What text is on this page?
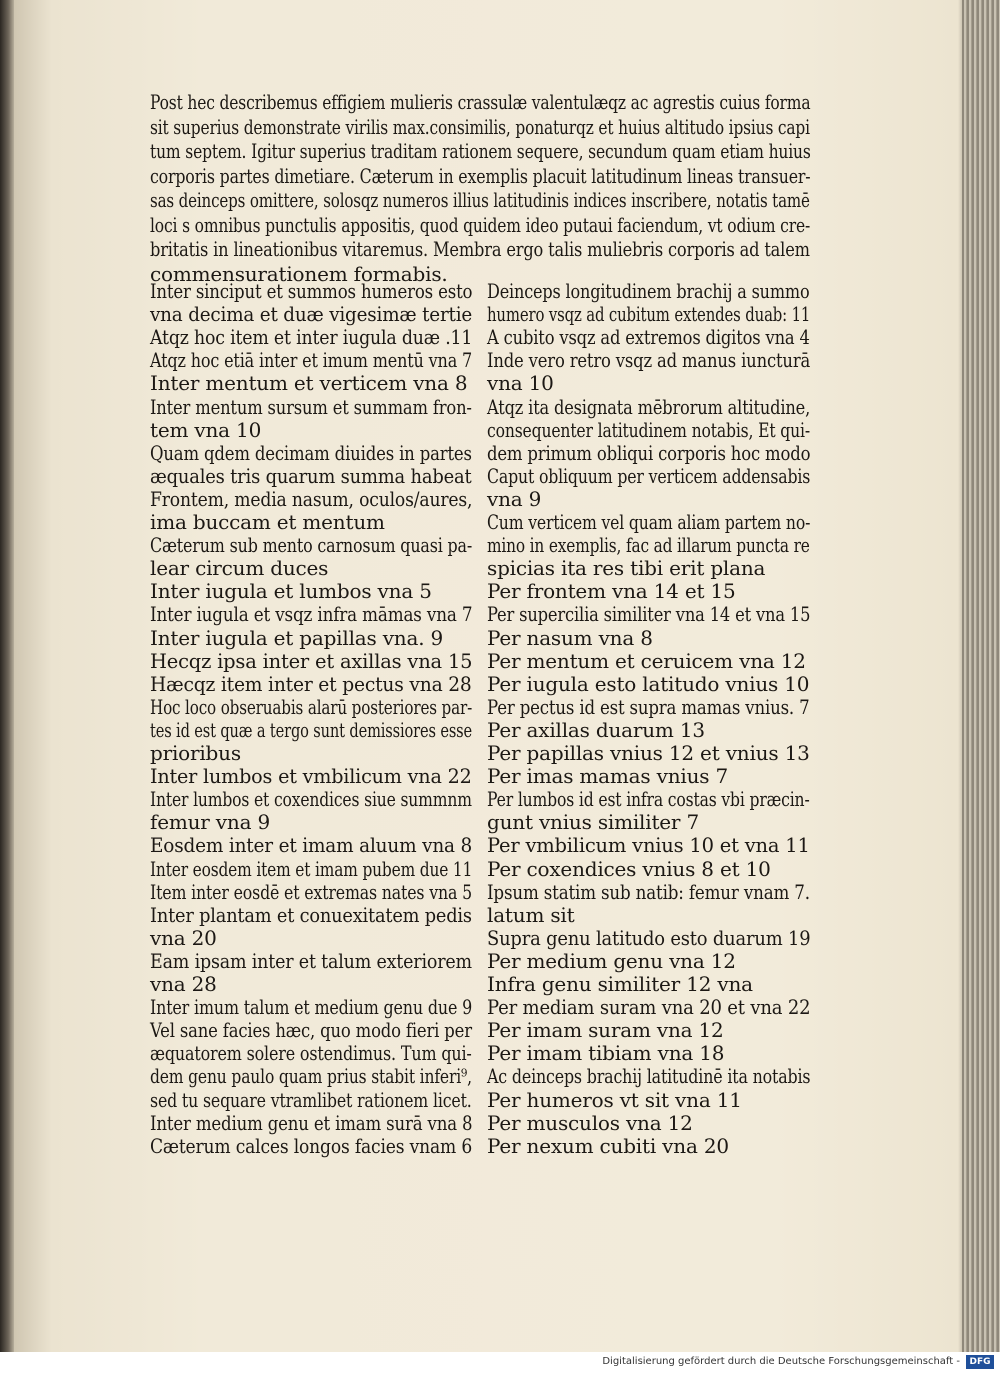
Post hec describemus effigiem mulieris crassulæ valentulæqz ac agrestis cuius forma
sit superius demonstrate virilis max.consimilis, ponaturqz et huius altitudo ipsius capi
tum septem. Igitur superius traditam rationem sequere, secundum quam etiam huius
corporis partes dimetiare. Cæterum in exemplis placuit latitudinum lineas transuer-
sas deinceps omittere, solosqz numeros illius latitudinis indices inscribere, notatis tamē
loci s omnibus punctulis appositis, quod quidem ideo putaui faciendum, vt odium cre-
britatis in lineationibus vitaremus. Membra ergo talis muliebris corporis ad talem
commensurationem formabis.
Inter sinciput et summos humeros esto
vna decima et duæ vigesimæ tertie
Atqz hoc item et inter iugula duæ .11
Atqz hoc etiā inter et imum mentū vna 7
Inter mentum et verticem vna 8
Inter mentum sursum et summam fron-
tem vna 10
Quam qdem decimam diuides in partes
æquales tris quarum summa habeat
Frontem, media nasum, oculos/aures,
ima buccam et mentum
Cæterum sub mento carnosum quasi pa-
lear circum duces
Inter iugula et lumbos vna 5
Inter iugula et vsqz infra māmas vna 7
Inter iugula et papillas vna. 9
Hecqz ipsa inter et axillas vna 15
Hæcqz item inter et pectus vna 28
Hoc loco obseruabis alarū posteriores par-
tes id est quæ a tergo sunt demissiores esse
prioribus
Inter lumbos et vmbilicum vna 22
Inter lumbos et coxendices siue summnm
femur vna 9
Eosdem inter et imam aluum vna 8
Inter eosdem item et imam pubem due 11
Item inter eosdē et extremas nates vna 5
Inter plantam et conuexitatem pedis
vna 20
Eam ipsam inter et talum exteriorem
vna 28
Inter imum talum et medium genu due 9
Vel sane facies hæc, quo modo fieri per
æquatorem solere ostendimus. Tum qui-
dem genu paulo quam prius stabit inferi⁹,
sed tu sequare vtramlibet rationem licet.
Inter medium genu et imam surā vna 8
Cæterum calces longos facies vnam 6
Deinceps longitudinem brachij a summo
humero vsqz ad cubitum extendes duab: 11
A cubito vsqz ad extremos digitos vna 4
Inde vero retro vsqz ad manus iuncturā
vna 10
Atqz ita designata mēbrorum altitudine,
consequenter latitudinem notabis, Et qui-
dem primum obliqui corporis hoc modo
Caput obliquum per verticem addensabis
vna 9
Cum verticem vel quam aliam partem no-
mino in exemplis, fac ad illarum puncta re
spicias ita res tibi erit plana
Per frontem vna 14 et 15
Per supercilia similiter vna 14 et vna 15
Per nasum vna 8
Per mentum et ceruicem vna 12
Per iugula esto latitudo vnius 10
Per pectus id est supra mamas vnius. 7
Per axillas duarum 13
Per papillas vnius 12 et vnius 13
Per imas mamas vnius 7
Per lumbos id est infra costas vbi præcin-
gunt vnius similiter 7
Per vmbilicum vnius 10 et vna 11
Per coxendices vnius 8 et 10
Ipsum statim sub natib: femur vnam 7.
latum sit
Supra genu latitudo esto duarum 19
Per medium genu vna 12
Infra genu similiter 12 vna
Per mediam suram vna 20 et vna 22
Per imam suram vna 12
Per imam tibiam vna 18
Ac deinceps brachij latitudinē ita notabis
Per humeros vt sit vna 11
Per musculos vna 12
Per nexum cubiti vna 20
Digitalisierung gefördert durch die Deutsche Forschungsgemeinschaft -	DFG
